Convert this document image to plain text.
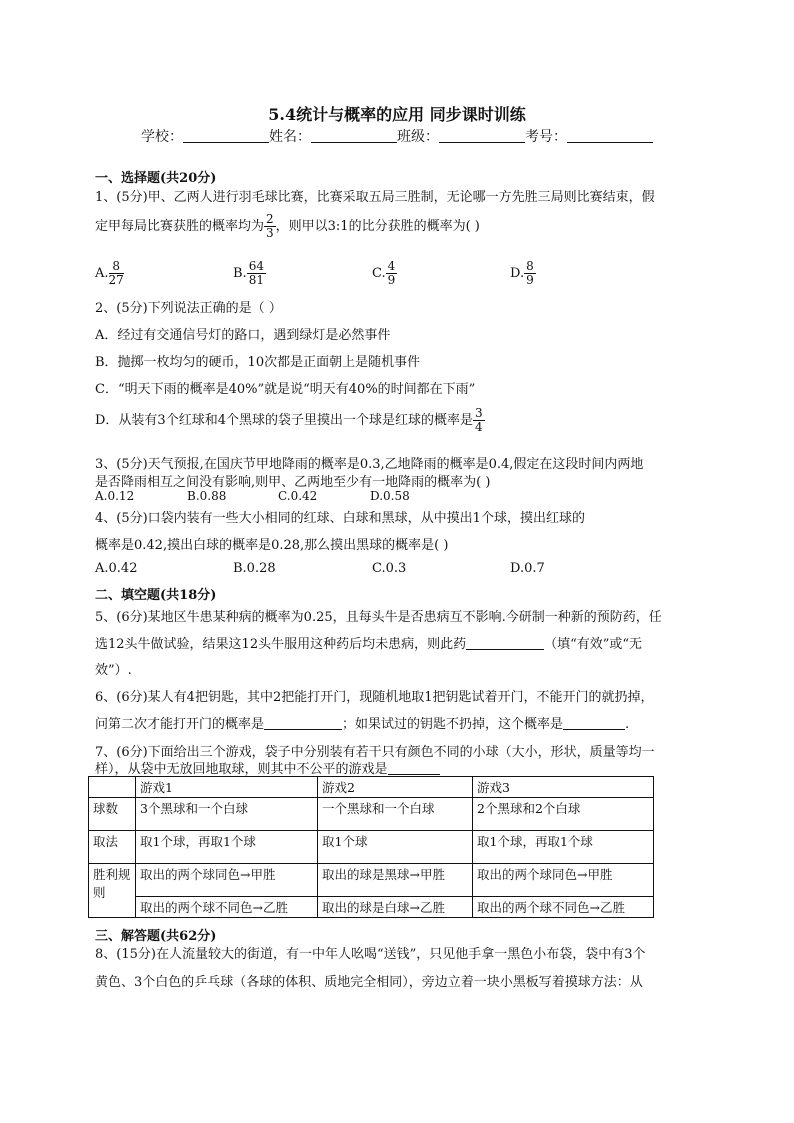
5.4统计与概率的应用 同步课时训练
学校：	姓名：	班级：	考号：
一、选择题(共20分)
1、(5分)甲、乙两人进行羽毛球比赛，比赛采取五局三胜制，无论哪一方先胜三局则比赛结束，假
定甲每局比赛获胜的概率均为 $\frac{2}{3}$ ，则甲以3:1的比分获胜的概率为( )
A. $\frac{8}{27}$	B. $\frac{64}{81}$	C. $\frac{4}{9}$	D. $\frac{8}{9}$
2、(5分)下列说法正确的是（ ）
A．经过有交通信号灯的路口，遇到绿灯是必然事件
B．抛掷一枚均匀的硬币，10次都是正面朝上是随机事件
C．“明天下雨的概率是40%”就是说“明天有40%的时间都在下雨”
D．从装有3个红球和4个黑球的袋子里摸出一个球是红球的概率是 $\frac{3}{4}$
3、(5分)天气预报,在国庆节甲地降雨的概率是0.3,乙地降雨的概率是0.4,假定在这段时间内两地
是否降雨相互之间没有影响,则甲、乙两地至少有一地降雨的概率为( )
A.0.12	B.0.88	C.0.42	D.0.58
4、(5分)口袋内装有一些大小相同的红球、白球和黑球，从中摸出1个球，摸出红球的
概率是0.42,摸出白球的概率是0.28,那么摸出黑球的概率是( )
A.0.42	B.0.28	C.0.3	D.0.7
二、填空题(共18分)
5、(6分)某地区牛患某种病的概率为0.25，且每头牛是否患病互不影响.今研制一种新的预防药，任
选12头牛做试验，结果这12头牛服用这种药后均未患病，则此药	（填“有效”或“无
效”）.
6、(6分)某人有4把钥匙，其中2把能打开门，现随机地取1把钥匙试着开门，不能开门的就扔掉，
问第二次才能打开门的概率是	；如果试过的钥匙不扔掉，这个概率是	.
7、(6分)下面给出三个游戏，袋子中分别装有若干只有颜色不同的小球（大小，形状，质量等均一
样），从袋中无放回地取球，则其中不公平的游戏是
	游戏1	游戏2	游戏3
球数	3个黑球和一个白球	一个黑球和一个白球	2个黑球和2个白球
取法	取1个球，再取1个球	取1个球	取1个球，再取1个球
胜利规则	取出的两个球同色→甲胜	取出的球是黑球→甲胜	取出的两个球同色→甲胜
	取出的两个球不同色→乙胜	取出的球是白球→乙胜	取出的两个球不同色→乙胜
三、解答题(共62分)
8、(15分)在人流量较大的街道，有一中年人吆喝“送钱”，只见他手拿一黑色小布袋，袋中有3个
黄色、3个白色的乒乓球（各球的体积、质地完全相同），旁边立着一块小黑板写着摸球方法：从
